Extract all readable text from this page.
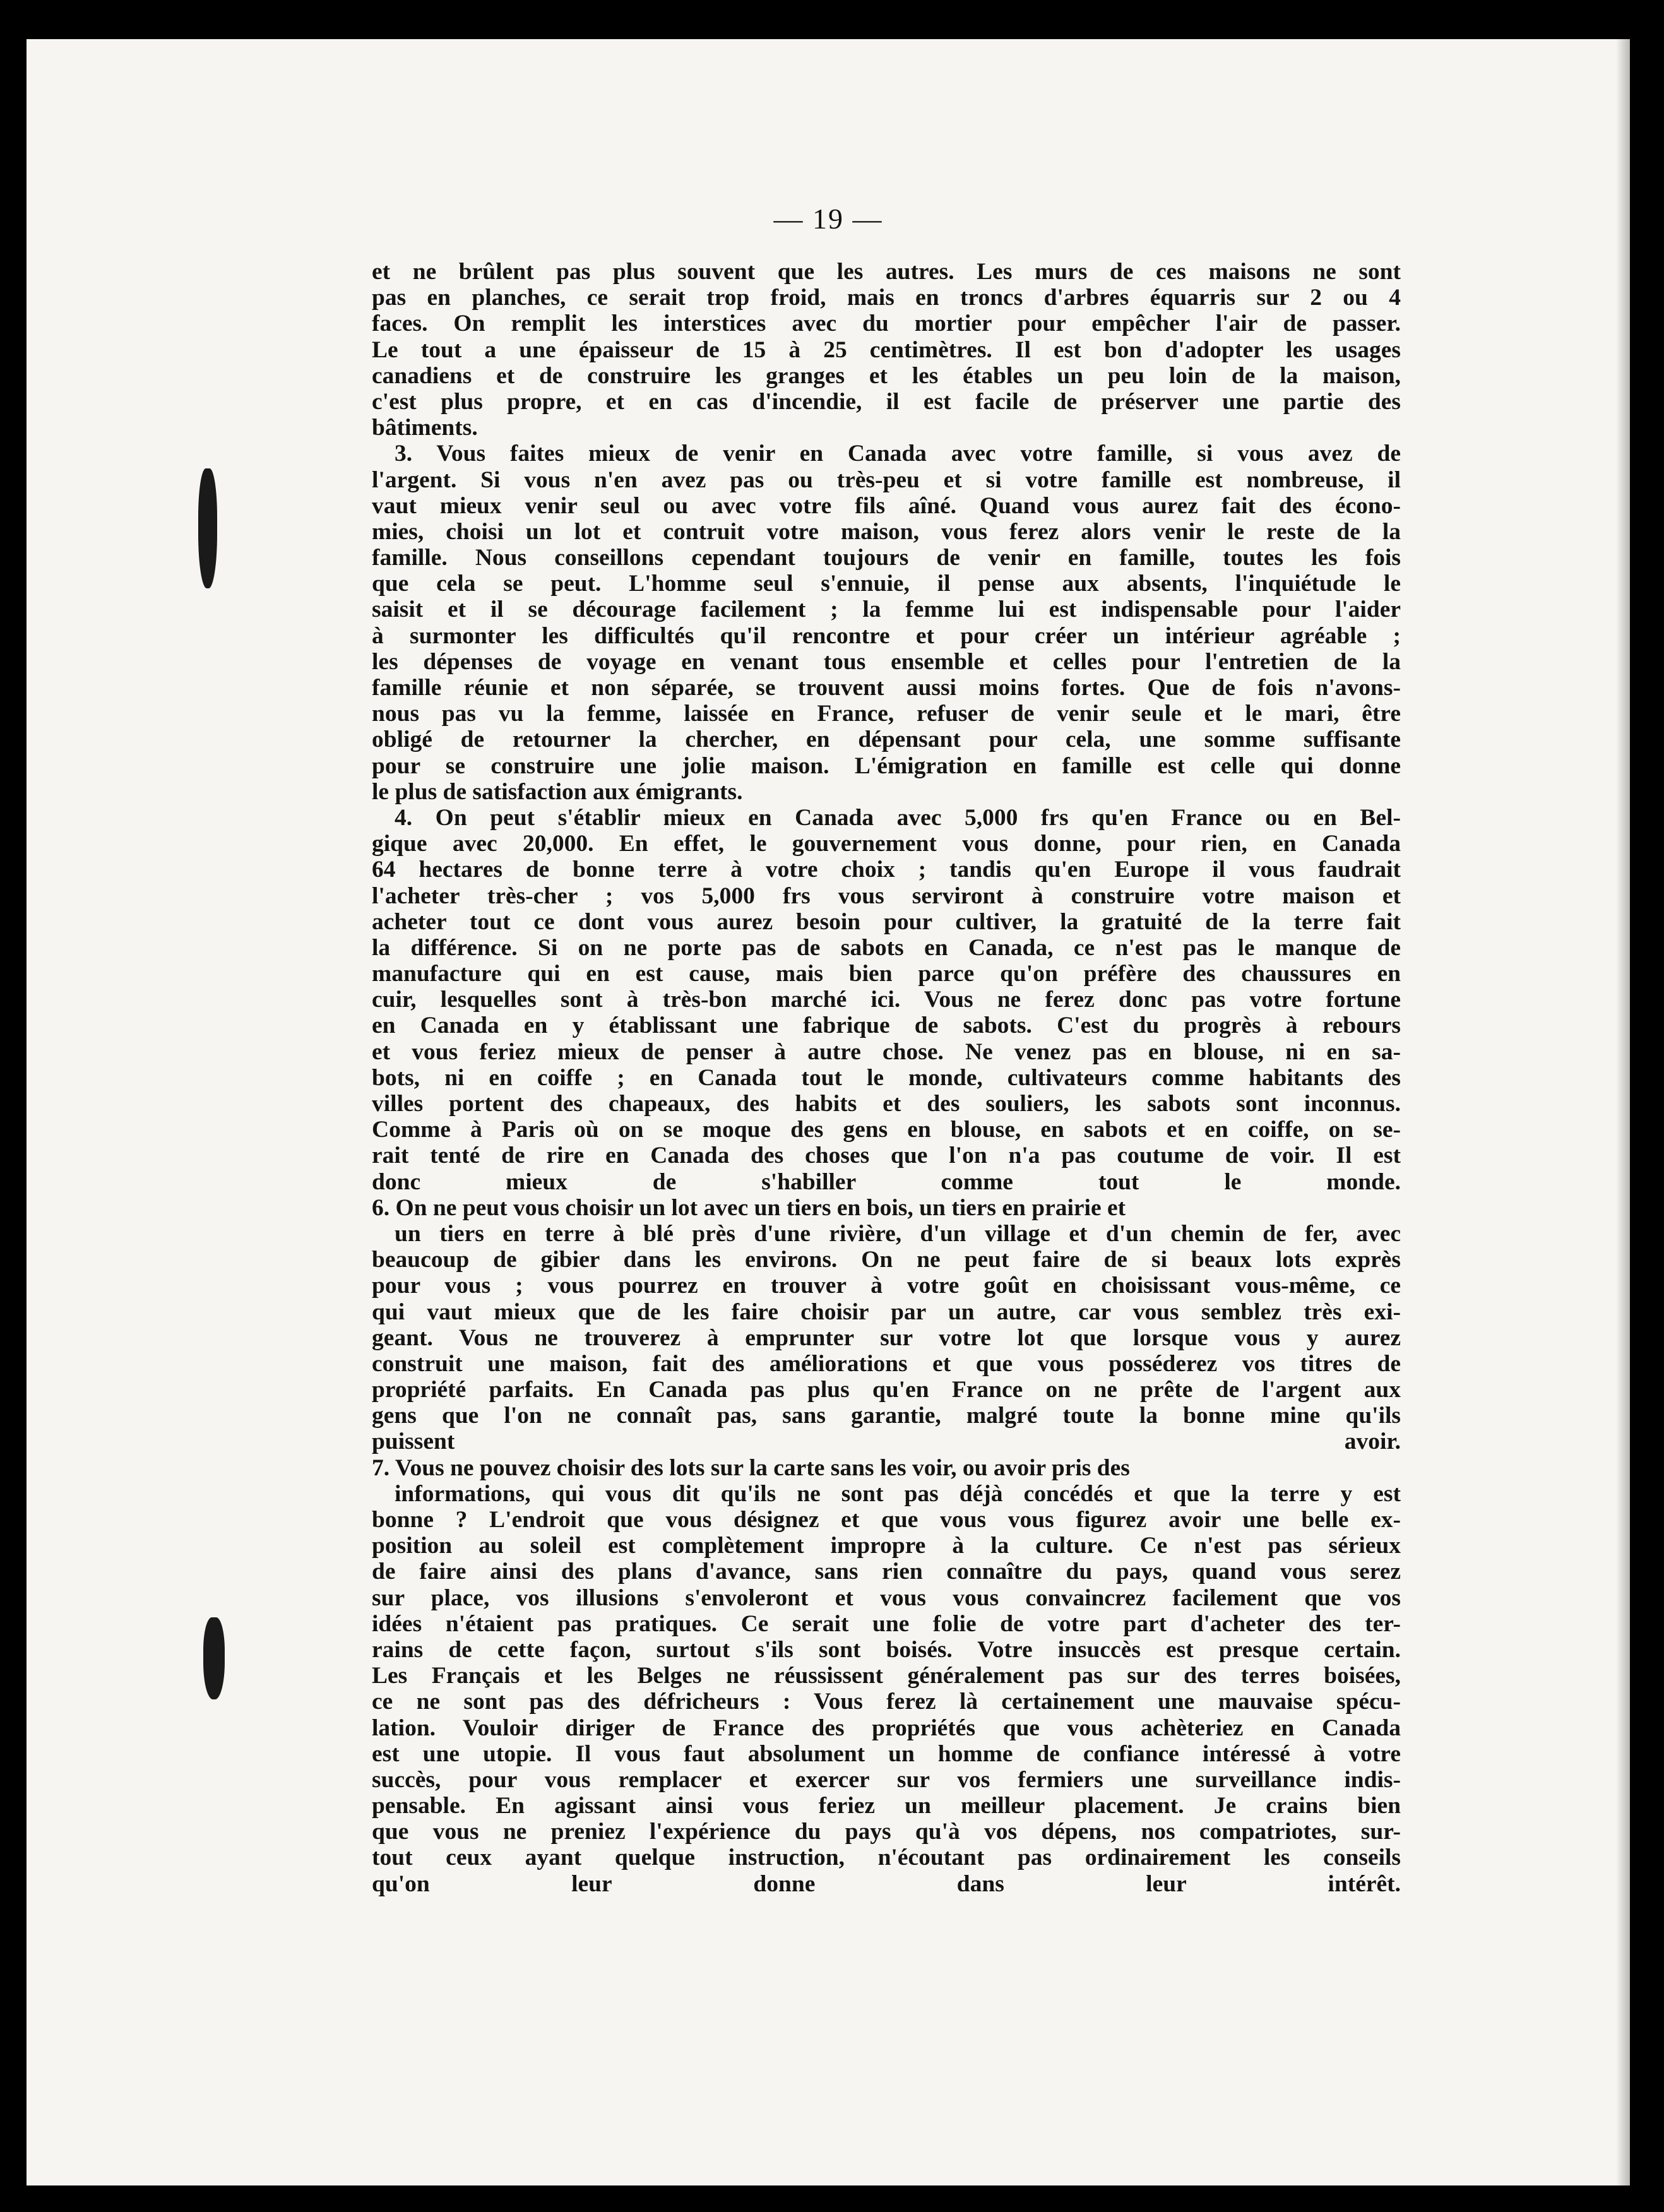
— 19 —
et ne brûlent pas plus souvent que les autres. Les murs de ces maisons ne sont
pas en planches, ce serait trop froid, mais en troncs d'arbres équarris sur 2 ou 4
faces. On remplit les interstices avec du mortier pour empêcher l'air de passer.
Le tout a une épaisseur de 15 à 25 centimètres. Il est bon d'adopter les usages
canadiens et de construire les granges et les étables un peu loin de la maison,
c'est plus propre, et en cas d'incendie, il est facile de préserver une partie des
bâtiments.
3. Vous faites mieux de venir en Canada avec votre famille, si vous avez de
l'argent. Si vous n'en avez pas ou très-peu et si votre famille est nombreuse, il
vaut mieux venir seul ou avec votre fils aîné. Quand vous aurez fait des écono-
mies, choisi un lot et contruit votre maison, vous ferez alors venir le reste de la
famille. Nous conseillons cependant toujours de venir en famille, toutes les fois
que cela se peut. L'homme seul s'ennuie, il pense aux absents, l'inquiétude le
saisit et il se décourage facilement ; la femme lui est indispensable pour l'aider
à surmonter les difficultés qu'il rencontre et pour créer un intérieur agréable ;
les dépenses de voyage en venant tous ensemble et celles pour l'entretien de la
famille réunie et non séparée, se trouvent aussi moins fortes. Que de fois n'avons-
nous pas vu la femme, laissée en France, refuser de venir seule et le mari, être
obligé de retourner la chercher, en dépensant pour cela, une somme suffisante
pour se construire une jolie maison. L'émigration en famille est celle qui donne
le plus de satisfaction aux émigrants.
4. On peut s'établir mieux en Canada avec 5,000 frs qu'en France ou en Bel-
gique avec 20,000. En effet, le gouvernement vous donne, pour rien, en Canada
64 hectares de bonne terre à votre choix ; tandis qu'en Europe il vous faudrait
l'acheter très-cher ; vos 5,000 frs vous serviront à construire votre maison et
acheter tout ce dont vous aurez besoin pour cultiver, la gratuité de la terre fait
la différence. Si on ne porte pas de sabots en Canada, ce n'est pas le manque de
manufacture qui en est cause, mais bien parce qu'on préfère des chaussures en
cuir, lesquelles sont à très-bon marché ici. Vous ne ferez donc pas votre fortune
en Canada en y établissant une fabrique de sabots. C'est du progrès à rebours
et vous feriez mieux de penser à autre chose. Ne venez pas en blouse, ni en sa-
bots, ni en coiffe ; en Canada tout le monde, cultivateurs comme habitants des
villes portent des chapeaux, des habits et des souliers, les sabots sont inconnus.
Comme à Paris où on se moque des gens en blouse, en sabots et en coiffe, on se-
rait tenté de rire en Canada des choses que l'on n'a pas coutume de voir. Il est
donc mieux de s'habiller comme tout le monde.
6. On ne peut vous choisir un lot avec un tiers en bois, un tiers en prairie et
un tiers en terre à blé près d'une rivière, d'un village et d'un chemin de fer, avec
beaucoup de gibier dans les environs. On ne peut faire de si beaux lots exprès
pour vous ; vous pourrez en trouver à votre goût en choisissant vous-même, ce
qui vaut mieux que de les faire choisir par un autre, car vous semblez très exi-
geant. Vous ne trouverez à emprunter sur votre lot que lorsque vous y aurez
construit une maison, fait des améliorations et que vous posséderez vos titres de
propriété parfaits. En Canada pas plus qu'en France on ne prête de l'argent aux
gens que l'on ne connaît pas, sans garantie, malgré toute la bonne mine qu'ils
puissent avoir.
7. Vous ne pouvez choisir des lots sur la carte sans les voir, ou avoir pris des
informations, qui vous dit qu'ils ne sont pas déjà concédés et que la terre y est
bonne ? L'endroit que vous désignez et que vous vous figurez avoir une belle ex-
position au soleil est complètement impropre à la culture. Ce n'est pas sérieux
de faire ainsi des plans d'avance, sans rien connaître du pays, quand vous serez
sur place, vos illusions s'envoleront et vous vous convaincrez facilement que vos
idées n'étaient pas pratiques. Ce serait une folie de votre part d'acheter des ter-
rains de cette façon, surtout s'ils sont boisés. Votre insuccès est presque certain.
Les Français et les Belges ne réussissent généralement pas sur des terres boisées,
ce ne sont pas des défricheurs : Vous ferez là certainement une mauvaise spécu-
lation. Vouloir diriger de France des propriétés que vous achèteriez en Canada
est une utopie. Il vous faut absolument un homme de confiance intéressé à votre
succès, pour vous remplacer et exercer sur vos fermiers une surveillance indis-
pensable. En agissant ainsi vous feriez un meilleur placement. Je crains bien
que vous ne preniez l'expérience du pays qu'à vos dépens, nos compatriotes, sur-
tout ceux ayant quelque instruction, n'écoutant pas ordinairement les conseils
qu'on leur donne dans leur intérêt.
